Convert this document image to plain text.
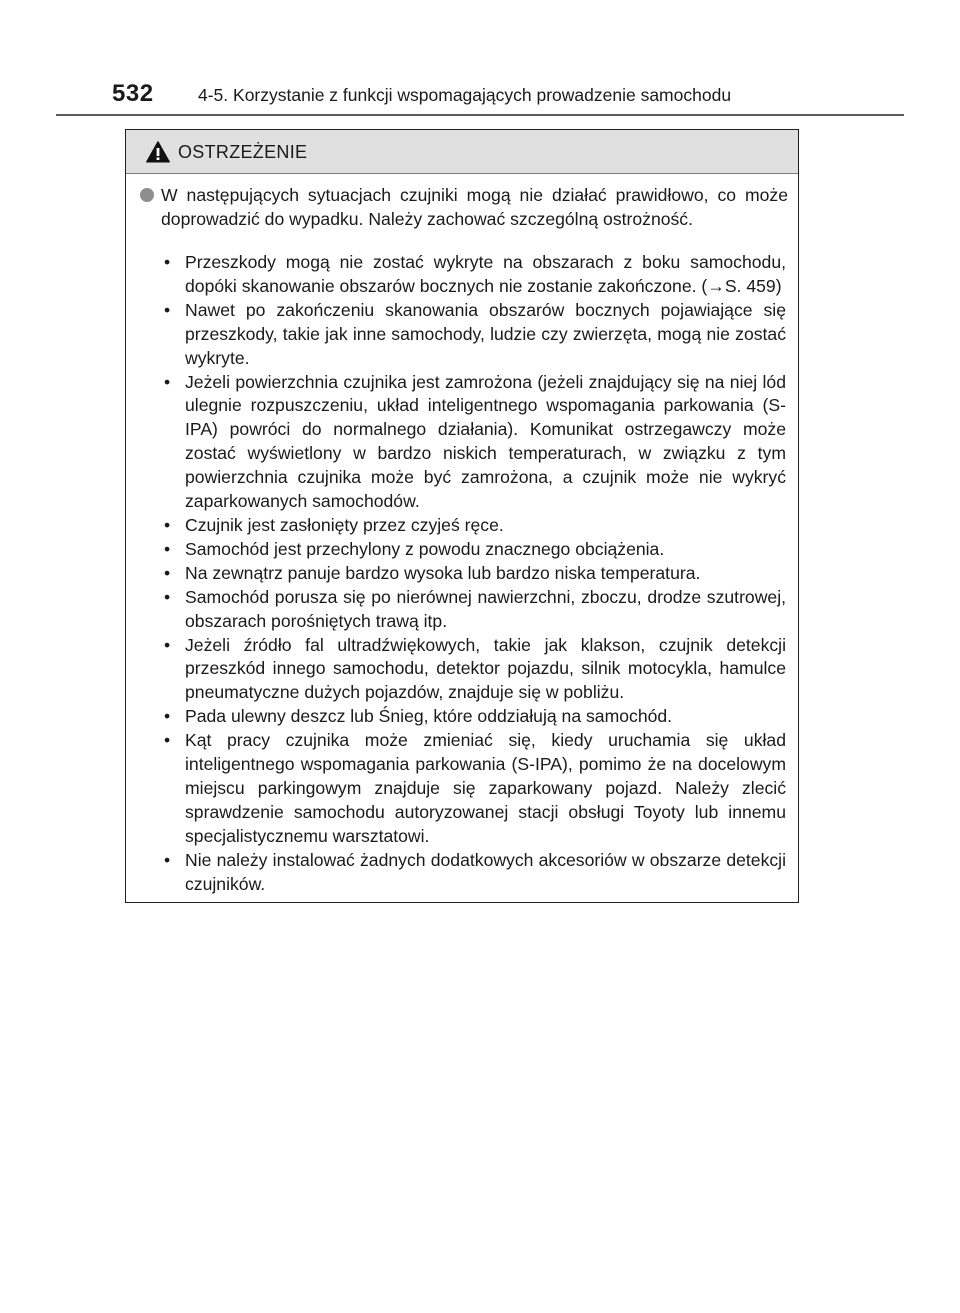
532	4-5. Korzystanie z funkcji wspomagających prowadzenie samochodu
OSTRZEŻENIE
W następujących sytuacjach czujniki mogą nie działać prawidłowo, co może doprowadzić do wypadku. Należy zachować szczególną ostrożność.
• Przeszkody mogą nie zostać wykryte na obszarach z boku samochodu, dopóki skanowanie obszarów bocznych nie zostanie zakończone. (→S. 459)
• Nawet po zakończeniu skanowania obszarów bocznych pojawiające się przeszkody, takie jak inne samochody, ludzie czy zwierzęta, mogą nie zostać wykryte.
• Jeżeli powierzchnia czujnika jest zamrożona (jeżeli znajdujący się na niej lód ulegnie rozpuszczeniu, układ inteligentnego wspomagania parkowania (S-IPA) powróci do normalnego działania). Komunikat ostrzegawczy może zostać wyświetlony w bardzo niskich temperaturach, w związku z tym powierzchnia czujnika może być zamrożona, a czujnik może nie wykryć zaparkowanych samochodów.
• Czujnik jest zasłonięty przez czyjeś ręce.
• Samochód jest przechylony z powodu znacznego obciążenia.
• Na zewnątrz panuje bardzo wysoka lub bardzo niska temperatura.
• Samochód porusza się po nierównej nawierzchni, zboczu, drodze szutrowej, obszarach porośniętych trawą itp.
• Jeżeli źródło fal ultradźwiękowych, takie jak klakson, czujnik detekcji przeszkód innego samochodu, detektor pojazdu, silnik motocykla, hamulce pneumatyczne dużych pojazdów, znajduje się w pobliżu.
• Pada ulewny deszcz lub Śnieg, które oddziałują na samochód.
• Kąt pracy czujnika może zmieniać się, kiedy uruchamia się układ inteligentnego wspomagania parkowania (S-IPA), pomimo że na docelowym miejscu parkingowym znajduje się zaparkowany pojazd. Należy zlecić sprawdzenie samochodu autoryzowanej stacji obsługi Toyoty lub innemu specjalistycznemu warsztatowi.
• Nie należy instalować żadnych dodatkowych akcesoriów w obszarze detekcji czujników.
